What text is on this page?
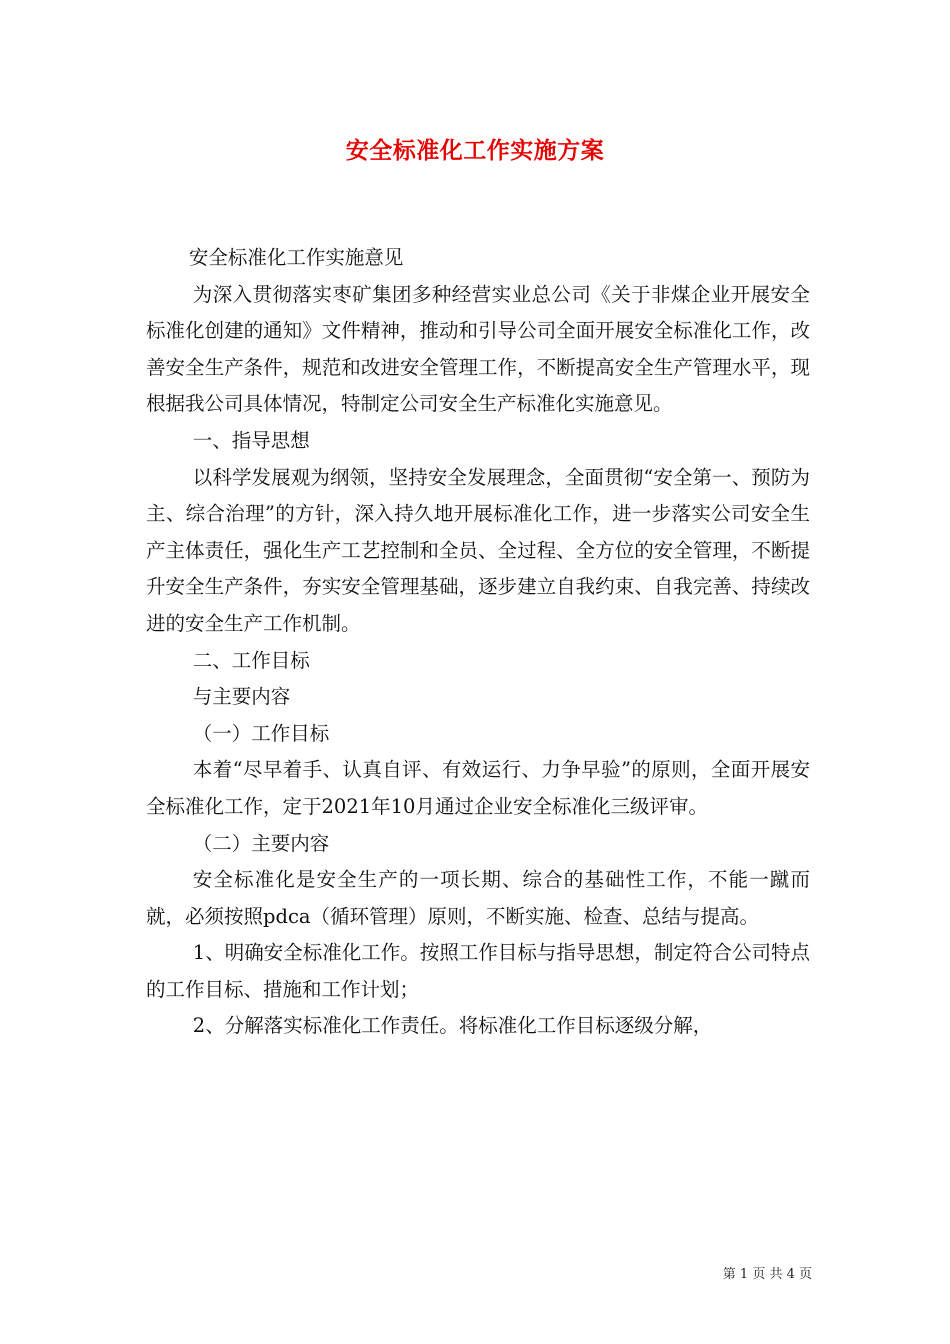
安全标准化工作实施方案

安全标准化工作实施意见

为深入贯彻落实枣矿集团多种经营实业总公司《关于非煤企业开展安全标准化创建的通知》文件精神，推动和引导公司全面开展安全标准化工作，改善安全生产条件，规范和改进安全管理工作，不断提高安全生产管理水平，现根据我公司具体情况，特制定公司安全生产标准化实施意见。

一、指导思想

以科学发展观为纲领，坚持安全发展理念，全面贯彻“安全第一、预防为主、综合治理”的方针，深入持久地开展标准化工作，进一步落实公司安全生产主体责任，强化生产工艺控制和全员、全过程、全方位的安全管理，不断提升安全生产条件，夯实安全管理基础，逐步建立自我约束、自我完善、持续改进的安全生产工作机制。

二、工作目标

与主要内容

（一）工作目标

本着“尽早着手、认真自评、有效运行、力争早验”的原则，全面开展安全标准化工作，定于2021年10月通过企业安全标准化三级评审。

（二）主要内容

安全标准化是安全生产的一项长期、综合的基础性工作，不能一蹴而就，必须按照pdca（循环管理）原则，不断实施、检查、总结与提高。

1、明确安全标准化工作。按照工作目标与指导思想，制定符合公司特点的工作目标、措施和工作计划；

2、分解落实标准化工作责任。将标准化工作目标逐级分解，

第 1 页 共 4 页
